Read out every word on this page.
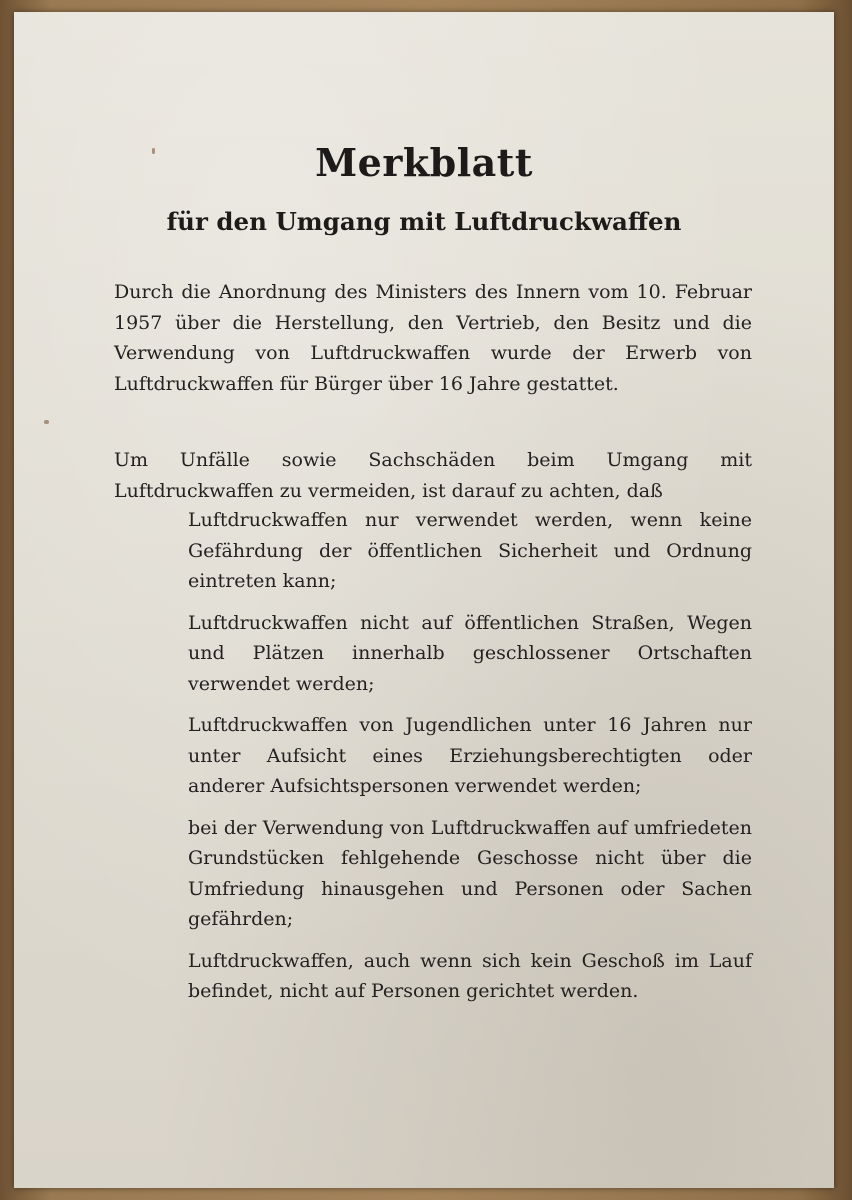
Merkblatt
für den Umgang mit Luftdruckwaffen

Durch die Anordnung des Ministers des Innern vom 10. Februar 1957 über die Herstellung, den Vertrieb, den Besitz und die Verwendung von Luftdruckwaffen wurde der Erwerb von Luftdruckwaffen für Bürger über 16 Jahre gestattet.

Um Unfälle sowie Sachschäden beim Umgang mit Luftdruckwaffen zu vermeiden, ist darauf zu achten, daß

Luftdruckwaffen nur verwendet werden, wenn keine Gefährdung der öffentlichen Sicherheit und Ordnung eintreten kann;
Luftdruckwaffen nicht auf öffentlichen Straßen, Wegen und Plätzen innerhalb geschlossener Ortschaften verwendet werden;
Luftdruckwaffen von Jugendlichen unter 16 Jahren nur unter Aufsicht eines Erziehungsberechtigten oder anderer Aufsichtspersonen verwendet werden;
bei der Verwendung von Luftdruckwaffen auf umfriedeten Grundstücken fehlgehende Geschosse nicht über die Umfriedung hinausgehen und Personen oder Sachen gefährden;
Luftdruckwaffen, auch wenn sich kein Geschoß im Lauf befindet, nicht auf Personen gerichtet werden.
